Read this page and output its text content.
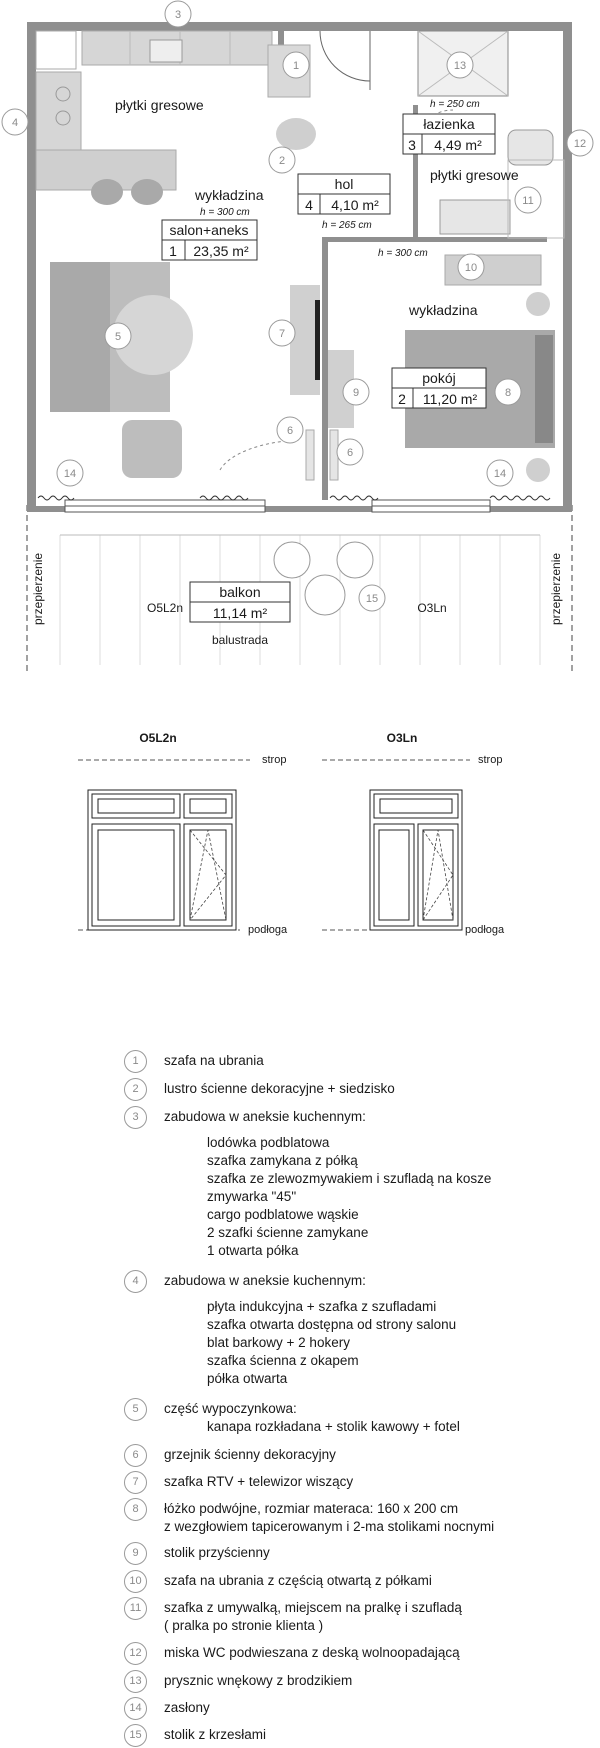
3
1
2
4
5
6
6
7
8
9
10
11
12
13
14	14
15
płytki gresowe
wykładzina
h = 300 cm
salon+aneks
1 23,35 m²
hol
4 4,10 m²
h = 265 cm
h = 250 cm
łazienka
3 4,49 m²
płytki gresowe
h = 300 cm
wykładzina
pokój
2 11,20 m²
balkon
11,14 m²
balustrada
O5L2n	O3Ln
przepierzenie	przepierzenie
O5L2n
strop
podłoga
O3Ln
strop
podłoga
1	szafa na ubrania
2	lustro ścienne dekoracyjne + siedzisko
3	zabudowa w aneksie kuchennym:
lodówka podblatowa
szafka zamykana z półką
szafka ze zlewozmywakiem i szufladą na kosze
zmywarka "45"
cargo podblatowe wąskie
2 szafki ścienne zamykane
1 otwarta półka
4	zabudowa w aneksie kuchennym:
płyta indukcyjna + szafka z szufladami
szafka otwarta dostępna od strony salonu
blat barkowy + 2 hokery
szafka ścienna z okapem
półka otwarta
5	część wypoczynkowa:
kanapa rozkładana + stolik kawowy + fotel
6	grzejnik ścienny dekoracyjny
7	szafka RTV + telewizor wiszący
8	łóżko podwójne, rozmiar materaca: 160 x 200 cm
z wezgłowiem tapicerowanym i 2-ma stolikami nocnymi
9	stolik przyścienny
10	szafa na ubrania z częścią otwartą z półkami
11	szafka z umywalką, miejscem na pralkę i szufladą
( pralka po stronie klienta )
12	miska WC podwieszana z deską wolnoopadającą
13	prysznic wnękowy z brodzikiem
14	zasłony
15	stolik z krzesłami
